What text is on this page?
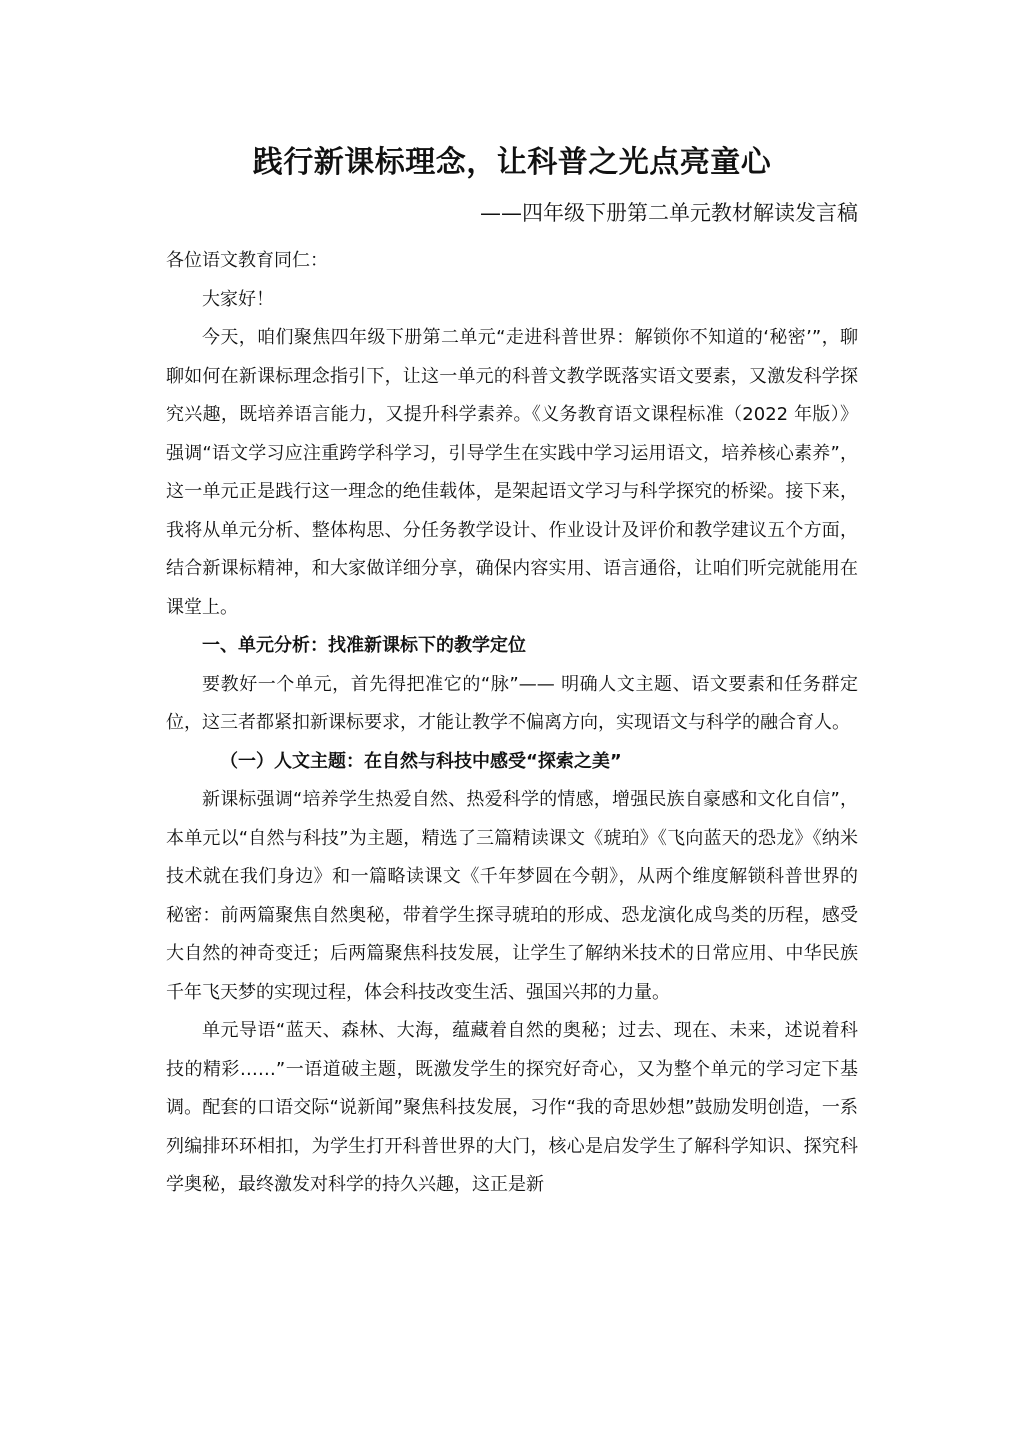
践行新课标理念，让科普之光点亮童心
——四年级下册第二单元教材解读发言稿

各位语文教育同仁：

大家好！

今天，咱们聚焦四年级下册第二单元“走进科普世界：解锁你不知道的‘秘密’”，聊聊如何在新课标理念指引下，让这一单元的科普文教学既落实语文要素，又激发科学探究兴趣，既培养语言能力，又提升科学素养。《义务教育语文课程标准（2022 年版）》强调“语文学习应注重跨学科学习，引导学生在实践中学习运用语文，培养核心素养”，这一单元正是践行这一理念的绝佳载体，是架起语文学习与科学探究的桥梁。接下来，我将从单元分析、整体构思、分任务教学设计、作业设计及评价和教学建议五个方面，结合新课标精神，和大家做详细分享，确保内容实用、语言通俗，让咱们听完就能用在课堂上。

一、单元分析：找准新课标下的教学定位

要教好一个单元，首先得把准它的“脉”—— 明确人文主题、语文要素和任务群定位，这三者都紧扣新课标要求，才能让教学不偏离方向，实现语文与科学的融合育人。

（一）人文主题：在自然与科技中感受“探索之美”

新课标强调“培养学生热爱自然、热爱科学的情感，增强民族自豪感和文化自信”，本单元以“自然与科技”为主题，精选了三篇精读课文《琥珀》《飞向蓝天的恐龙》《纳米技术就在我们身边》和一篇略读课文《千年梦圆在今朝》，从两个维度解锁科普世界的秘密：前两篇聚焦自然奥秘，带着学生探寻琥珀的形成、恐龙演化成鸟类的历程，感受大自然的神奇变迁；后两篇聚焦科技发展，让学生了解纳米技术的日常应用、中华民族千年飞天梦的实现过程，体会科技改变生活、强国兴邦的力量。

单元导语“蓝天、森林、大海，蕴藏着自然的奥秘；过去、现在、未来，述说着科技的精彩……”一语道破主题，既激发学生的探究好奇心，又为整个单元的学习定下基调。配套的口语交际“说新闻”聚焦科技发展，习作“我的奇思妙想”鼓励发明创造，一系列编排环环相扣，为学生打开科普世界的大门，核心是启发学生了解科学知识、探究科学奥秘，最终激发对科学的持久兴趣，这正是新
